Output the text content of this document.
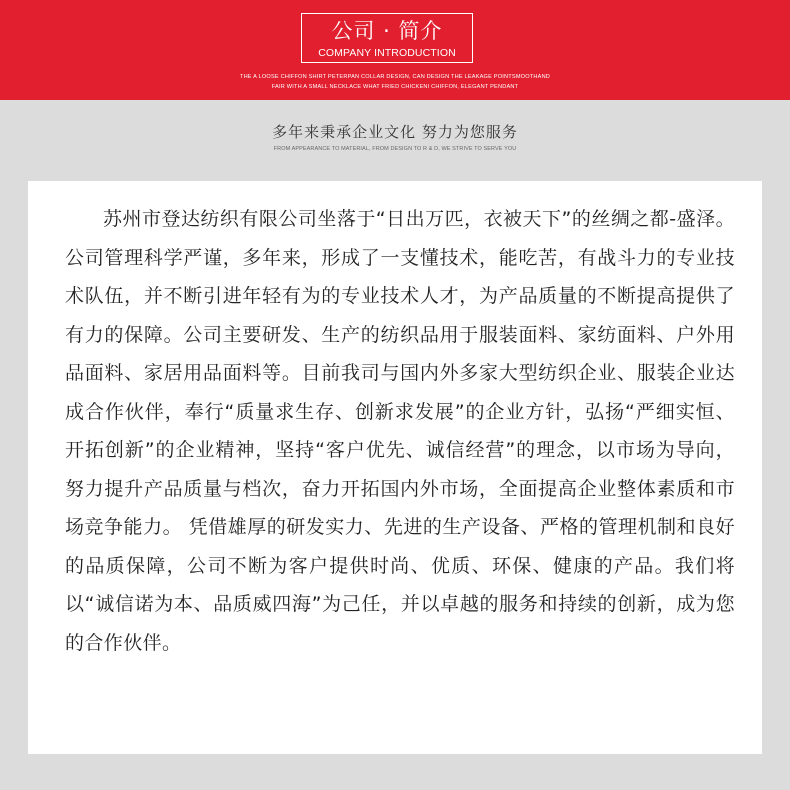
公司 · 简介
COMPANY INTRODUCTION
THE A LOOSE CHIFFON SHIRT PETERPAN COLLAR DESIGN, CAN DESIGN THE LEAKAGE POINTSMOOTHAND
FAIR WITH A SMALL NECKLACE WHAT FRIED CHICKENI CHIFFON, ELEGANT PENDANT
多年来秉承企业文化 努力为您服务
FROM APPEARANCE TO MATERIAL, FROM DESIGN TO R & D, WE STRIVE TO SERVE YOU

苏州市登达纺织有限公司坐落于“日出万匹，衣被天下”的丝绸之都-盛泽。公司管理科学严谨，多年来，形成了一支懂技术，能吃苦，有战斗力的专业技术队伍，并不断引进年轻有为的专业技术人才，为产品质量的不断提高提供了有力的保障。公司主要研发、生产的纺织品用于服装面料、家纺面料、户外用品面料、家居用品面料等。目前我司与国内外多家大型纺织企业、服装企业达成合作伙伴，奉行“质量求生存、创新求发展”的企业方针，弘扬“严细实恒、开拓创新”的企业精神，坚持“客户优先、诚信经营”的理念，以市场为导向，努力提升产品质量与档次，奋力开拓国内外市场，全面提高企业整体素质和市场竞争能力。 凭借雄厚的研发实力、先进的生产设备、严格的管理机制和良好的品质保障，公司不断为客户提供时尚、优质、环保、健康的产品。我们将以“诚信诺为本、品质威四海”为己任，并以卓越的服务和持续的创新，成为您的合作伙伴。
